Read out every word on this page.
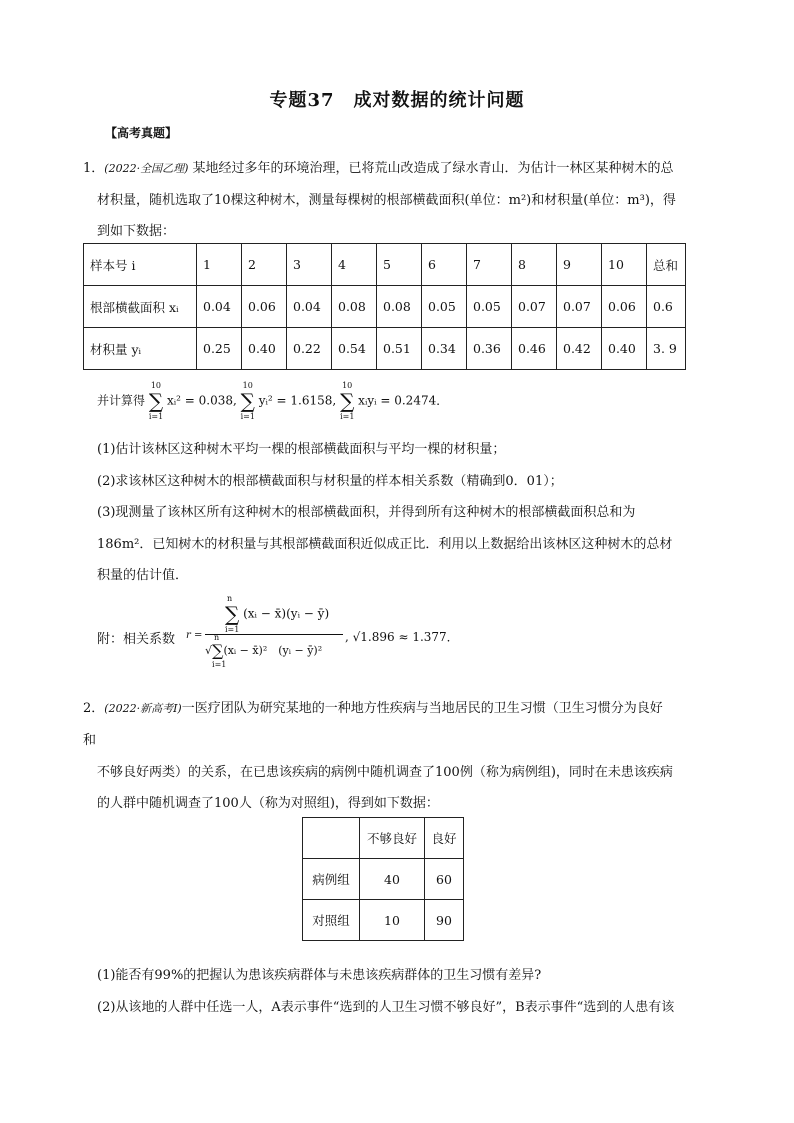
专题37　成对数据的统计问题
【高考真题】
1．(2022·全国乙理) 某地经过多年的环境治理，已将荒山改造成了绿水青山．为估计一林区某种树木的总
材积量，随机选取了10棵这种树木，测量每棵树的根部横截面积(单位：m²)和材积量(单位：m³)，得
到如下数据：
样本号 i	1	2	3	4	5	6	7	8	9	10	总和
根部横截面积 xᵢ	0.04	0.06	0.04	0.08	0.08	0.05	0.05	0.07	0.07	0.06	0.6
材积量 yᵢ	0.25	0.40	0.22	0.54	0.51	0.34	0.36	0.46	0.42	0.40	3. 9
并计算得 ∑
10
i=1
xᵢ² = 0.038, ∑
10
i=1
yᵢ² = 1.6158, ∑
10
i=1
xᵢyᵢ = 0.2474．
(1)估计该林区这种树木平均一棵的根部横截面积与平均一棵的材积量；
(2)求该林区这种树木的根部横截面积与材积量的样本相关系数（精确到0．01）；
(3)现测量了该林区所有这种树木的根部横截面积，并得到所有这种树木的根部横截面积总和为
186m²．已知树木的材积量与其根部横截面积近似成正比．利用以上数据给出该林区这种树木的总材
积量的估计值．
附：相关系数 r =
∑
n
i=1
(xᵢ − x̄)(yᵢ − ȳ)
√∑
n
i=1
(xᵢ − x̄)²　(yᵢ − ȳ)²
, √1.896 ≈ 1.377．
2．(2022·新高考Ⅰ)一医疗团队为研究某地的一种地方性疾病与当地居民的卫生习惯（卫生习惯分为良好
和
不够良好两类）的关系，在已患该疾病的病例中随机调查了100例（称为病例组)，同时在未患该疾病
的人群中随机调查了100人（称为对照组)，得到如下数据：
	不够良好	良好
病例组	40	60
对照组	10	90
(1)能否有99%的把握认为患该疾病群体与未患该疾病群体的卫生习惯有差异?
(2)从该地的人群中任选一人，A表示事件“选到的人卫生习惯不够良好”，B表示事件“选到的人患有该
